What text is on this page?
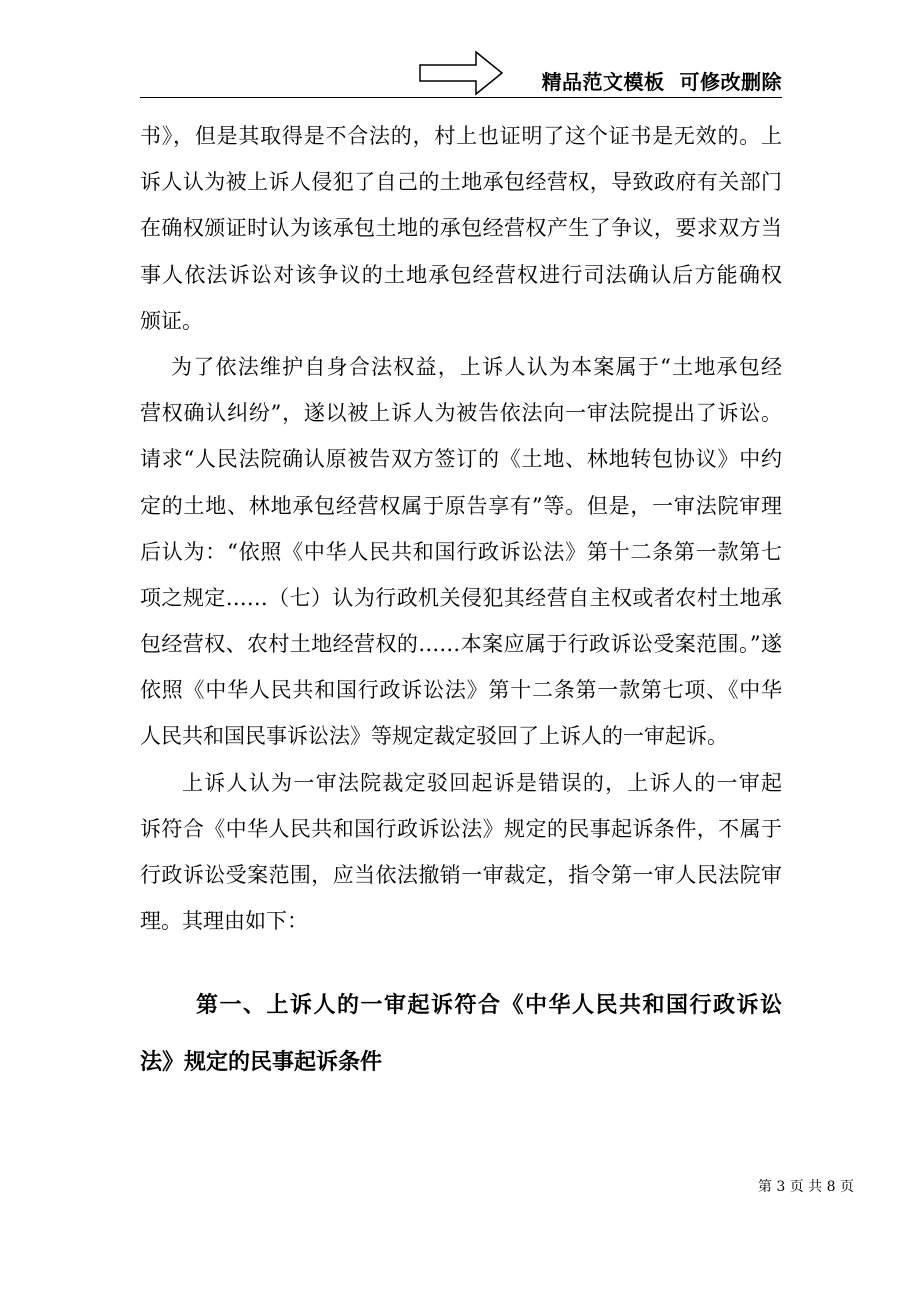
精品范文模板  可修改删除
书》，但是其取得是不合法的，村上也证明了这个证书是无效的。上
诉人认为被上诉人侵犯了自己的土地承包经营权，导致政府有关部门
在确权颁证时认为该承包土地的承包经营权产生了争议，要求双方当
事人依法诉讼对该争议的土地承包经营权进行司法确认后方能确权
颁证。
为了依法维护自身合法权益，上诉人认为本案属于“土地承包经
营权确认纠纷”，遂以被上诉人为被告依法向一审法院提出了诉讼。
请求“人民法院确认原被告双方签订的《土地、林地转包协议》中约
定的土地、林地承包经营权属于原告享有”等。但是，一审法院审理
后认为：“依照《中华人民共和国行政诉讼法》第十二条第一款第七
项之规定……（七）认为行政机关侵犯其经营自主权或者农村土地承
包经营权、农村土地经营权的……本案应属于行政诉讼受案范围。”遂
依照《中华人民共和国行政诉讼法》第十二条第一款第七项、《中华
人民共和国民事诉讼法》等规定裁定驳回了上诉人的一审起诉。
上诉人认为一审法院裁定驳回起诉是错误的，上诉人的一审起
诉符合《中华人民共和国行政诉讼法》规定的民事起诉条件，不属于
行政诉讼受案范围，应当依法撤销一审裁定，指令第一审人民法院审
理。其理由如下：
第一、上诉人的一审起诉符合《中华人民共和国行政诉讼
法》规定的民事起诉条件
第 3 页 共 8 页
